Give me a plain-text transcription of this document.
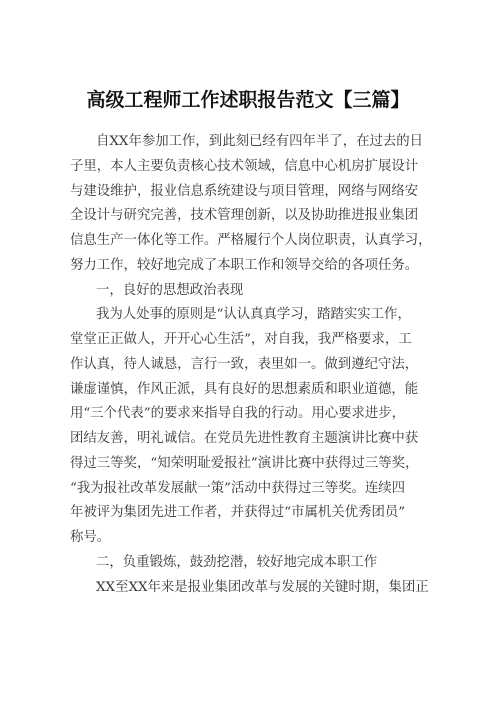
高级工程师工作述职报告范文【三篇】
自XX年参加工作，到此刻已经有四年半了，在过去的日
子里，本人主要负责核心技术领域，信息中心机房扩展设计
与建设维护，报业信息系统建设与项目管理，网络与网络安
全设计与研究完善，技术管理创新，以及协助推进报业集团
信息生产一体化等工作。严格履行个人岗位职责，认真学习，
努力工作，较好地完成了本职工作和领导交给的各项任务。
一，良好的思想政治表现
我为人处事的原则是“认认真真学习，踏踏实实工作，
堂堂正正做人，开开心心生活”，对自我，我严格要求，工
作认真，待人诚恳，言行一致，表里如一。做到遵纪守法，
谦虚谨慎，作风正派，具有良好的思想素质和职业道德，能
用“三个代表”的要求来指导自我的行动。用心要求进步，
团结友善，明礼诚信。在党员先进性教育主题演讲比赛中获
得过三等奖，“知荣明耻爱报社”演讲比赛中获得过三等奖，
“我为报社改革发展献一策”活动中获得过三等奖。连续四
年被评为集团先进工作者，并获得过“市属机关优秀团员”
称号。
二，负重锻炼，鼓劲挖潜，较好地完成本职工作
XX至XX年来是报业集团改革与发展的关键时期，集团正
